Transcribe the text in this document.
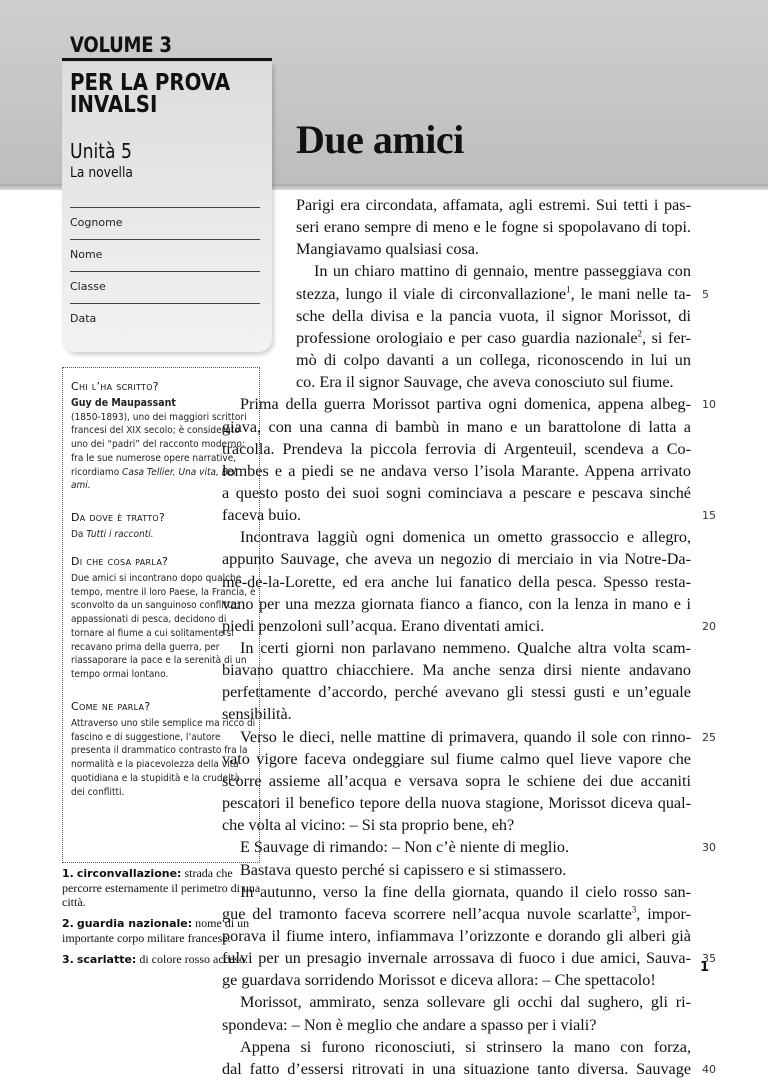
VOLUME 3
PER LA PROVA INVALSI
Unità 5
La novella
Due amici
Cognome
Nome
Classe
Data
Chi l’ha scritto?
Guy de Maupassant
(1850-1893), uno dei maggiori scrittori francesi del XIX secolo; è considerato uno dei “padri” del racconto moderno; fra le sue numerose opere narrative, ricordiamo Casa Tellier, Una vita, Bel ami.
Da dove è tratto?
Da Tutti i racconti.
Di che cosa parla?
Due amici si incontrano dopo qualche tempo, mentre il loro Paese, la Francia, è sconvolto da un sanguinoso conflitto; appassionati di pesca, decidono di tornare al fiume a cui solitamente si recavano prima della guerra, per riassaporare la pace e la serenità di un tempo ormai lontano.
Come ne parla?
Attraverso uno stile semplice ma ricco di fascino e di suggestione, l’autore presenta il drammatico contrasto fra la normalità e la piacevolezza della vita quotidiana e la stupidità e la crudeltà dei conflitti.
1. circonvallazione: strada che percorre esternamente il perimetro di una città.
2. guardia nazionale: nome di un importante corpo militare francese.
3. scarlatte: di colore rosso acceso.
Parigi era circondata, affamata, agli estremi. Sui tetti i pas-
seri erano sempre di meno e le fogne si spopolavano di topi.
Mangiavamo qualsiasi cosa.
In un chiaro mattino di gennaio, mentre passeggiava con
stezza, lungo il viale di circonvallazione$^1$, le mani nelle ta-
sche della divisa e la pancia vuota, il signor Morissot, di
professione orologiaio e per caso guardia nazionale$^2$, si fer-
mò di colpo davanti a un collega, riconoscendo in lui un
co. Era il signor Sauvage, che aveva conosciuto sul fiume.
Prima della guerra Morissot partiva ogni domenica, appena albeg-
giava, con una canna di bambù in mano e un barattolone di latta a
tracolla. Prendeva la piccola ferrovia di Argenteuil, scendeva a Co-
lombes e a piedi se ne andava verso l’isola Marante. Appena arrivato
a questo posto dei suoi sogni cominciava a pescare e pescava sinché
faceva buio.
Incontrava laggiù ogni domenica un ometto grassoccio e allegro,
appunto Sauvage, che aveva un negozio di merciaio in via Notre-Da-
me-de-la-Lorette, ed era anche lui fanatico della pesca. Spesso resta-
vano per una mezza giornata fianco a fianco, con la lenza in mano e i
piedi penzoloni sull’acqua. Erano diventati amici.
In certi giorni non parlavano nemmeno. Qualche altra volta scam-
biavano quattro chiacchiere. Ma anche senza dirsi niente andavano
perfettamente d’accordo, perché avevano gli stessi gusti e un’eguale
sensibilità.
Verso le dieci, nelle mattine di primavera, quando il sole con rinno-
vato vigore faceva ondeggiare sul fiume calmo quel lieve vapore che
scorre assieme all’acqua e versava sopra le schiene dei due accaniti
pescatori il benefico tepore della nuova stagione, Morissot diceva qual-
che volta al vicino: – Si sta proprio bene, eh?
E Sauvage di rimando: – Non c’è niente di meglio.
Bastava questo perché si capissero e si stimassero.
In autunno, verso la fine della giornata, quando il cielo rosso san-
gue del tramonto faceva scorrere nell’acqua nuvole scarlatte$^3$, impor-
porava il fiume intero, infiammava l’orizzonte e dorando gli alberi già
fulvi per un presagio invernale arrossava di fuoco i due amici, Sauva-
ge guardava sorridendo Morissot e diceva allora: – Che spettacolo!
Morissot, ammirato, senza sollevare gli occhi dal sughero, gli ri-
spondeva: – Non è meglio che andare a spasso per i viali?
Appena si furono riconosciuti, si strinsero la mano con forza,
dal fatto d’essersi ritrovati in una situazione tanto diversa. Sauvage
5
10
15
20
25
30
35
40
1
